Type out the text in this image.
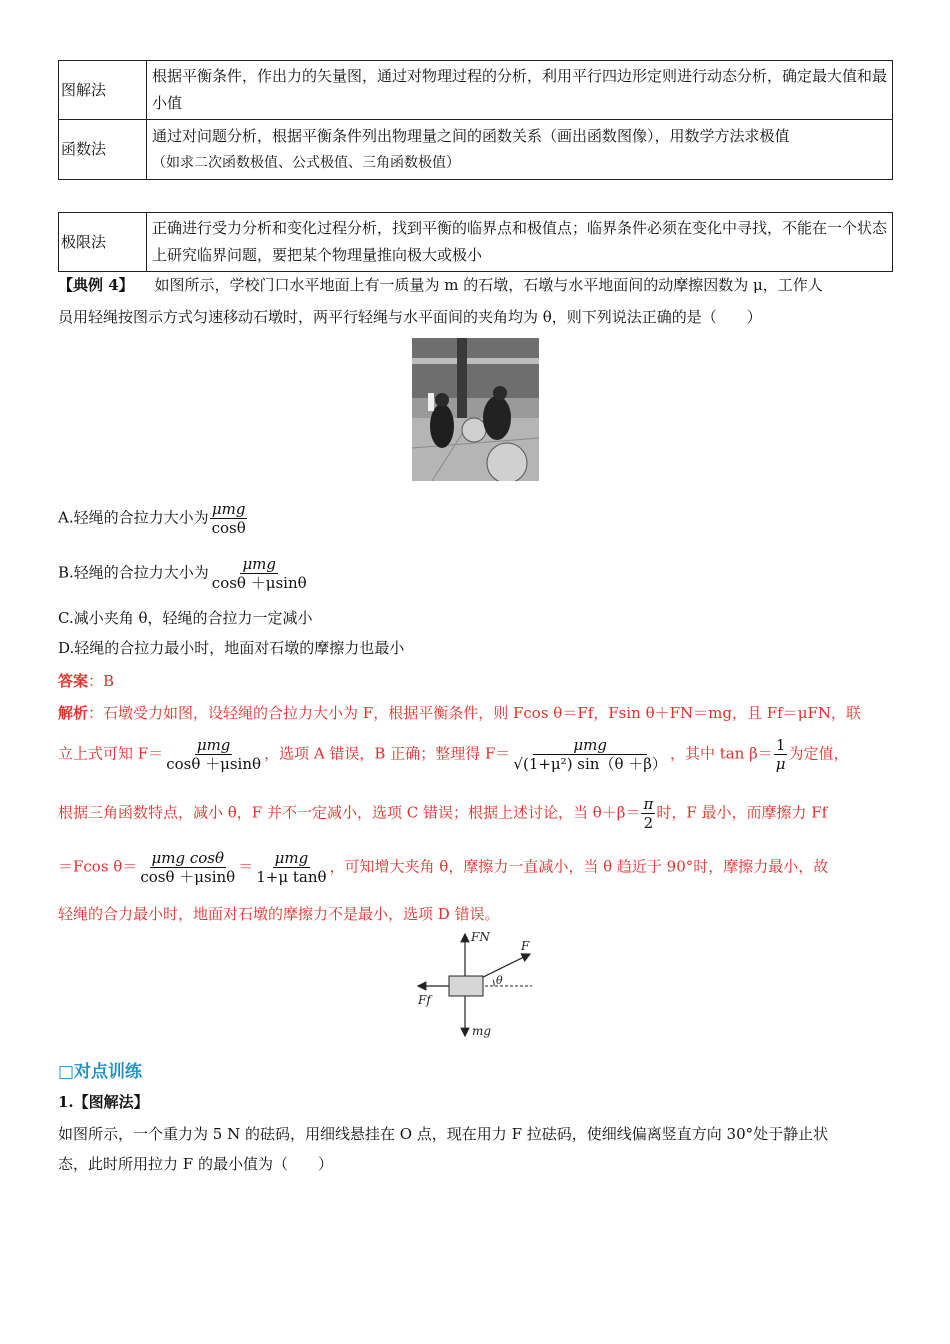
图解法	根据平衡条件，作出力的矢量图，通过对物理过程的分析，利用平行四边形定则进行动态分析，确定最大值和最小值
函数法	通过对问题分析，根据平衡条件列出物理量之间的函数关系（画出函数图像），用数学方法求极值
（如求二次函数极值、公式极值、三角函数极值）
极限法	正确进行受力分析和变化过程分析，找到平衡的临界点和极值点；临界条件必须在变化中寻找，不能在一个状态上研究临界问题，要把某个物理量推向极大或极小
【典例 4】 如图所示，学校门口水平地面上有一质量为 m 的石墩，石墩与水平地面间的动摩擦因数为 μ，工作人
员用轻绳按图示方式匀速移动石墩时，两平行轻绳与水平面间的夹角均为 θ，则下列说法正确的是（　　）
A.轻绳的合拉力大小为 $\frac{\text{μmg}}{\cos\theta}$
B.轻绳的合拉力大小为 $\frac{\text{μmg}}{\cos\theta +\mu\sin\theta}$
C.减小夹角 θ，轻绳的合拉力一定减小
D.轻绳的合拉力最小时，地面对石墩的摩擦力也最小
答案：B
解析：石墩受力如图，设轻绳的合拉力大小为 F，根据平衡条件，则 Fcos θ＝Ff，Fsin θ＋FN＝mg，且 Ff＝μFN，联
立上式可知 $F= \frac{\text{μmg}}{\cos\theta +\mu\sin\theta}$ ，选项 A 错误，B 正确；整理得 $F= \frac{\text{μmg}}{\text{√(1+μ²) sin（θ ＋β）}}$ ，其中 $\tan \beta= \frac{1}{\mu}$ 为定值，
根据三角函数特点，减小 θ，F 并不一定减小，选项 C 错误；根据上述讨论，当 $\theta+\beta= \frac{\pi}{2}$ 时，F 最小，而摩擦力 Ff
＝Fcos $\theta= \frac{\text{μmg cosθ}}{\cos\theta +\mu\sin\theta} = \frac{\text{μmg}}{\text{1+μ tanθ}}$ ，可知增大夹角 θ，摩擦力一直减小，当 θ 趋近于 90°时，摩擦力最小，故
轻绳的合力最小时，地面对石墩的摩擦力不是最小，选项 D 错误。
FN
F
θ
Ff
mg
□对点训练
1.【图解法】
如图所示，一个重力为 5 N 的砝码，用细线悬挂在 O 点，现在用力 F 拉砝码，使细线偏离竖直方向 30°处于静止状
态，此时所用拉力 F 的最小值为（　　）
